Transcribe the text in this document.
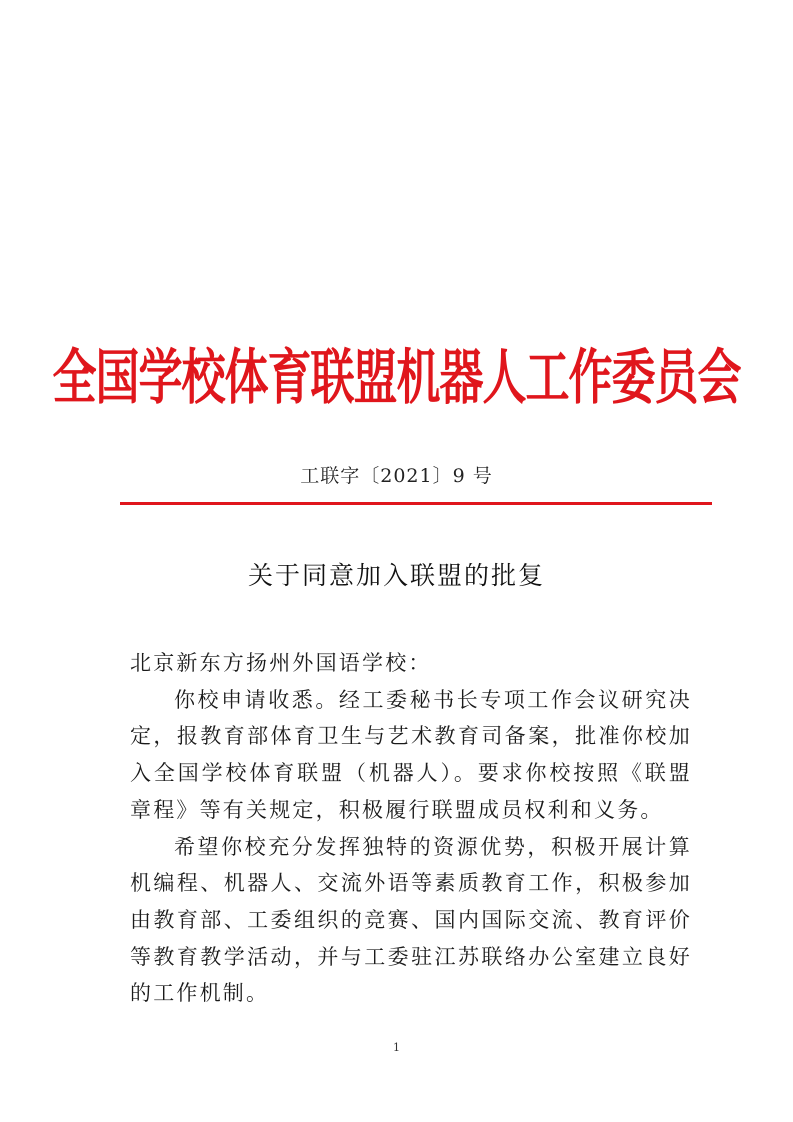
全国学校体育联盟机器人工作委员会
工联字〔2021〕9 号
关于同意加入联盟的批复

北京新东方扬州外国语学校：

你校申请收悉。经工委秘书长专项工作会议研究决定，报教育部体育卫生与艺术教育司备案，批准你校加入全国学校体育联盟（机器人）。要求你校按照《联盟章程》等有关规定，积极履行联盟成员权利和义务。

希望你校充分发挥独特的资源优势，积极开展计算机编程、机器人、交流外语等素质教育工作，积极参加由教育部、工委组织的竞赛、国内国际交流、教育评价等教育教学活动，并与工委驻江苏联络办公室建立良好的工作机制。

1
